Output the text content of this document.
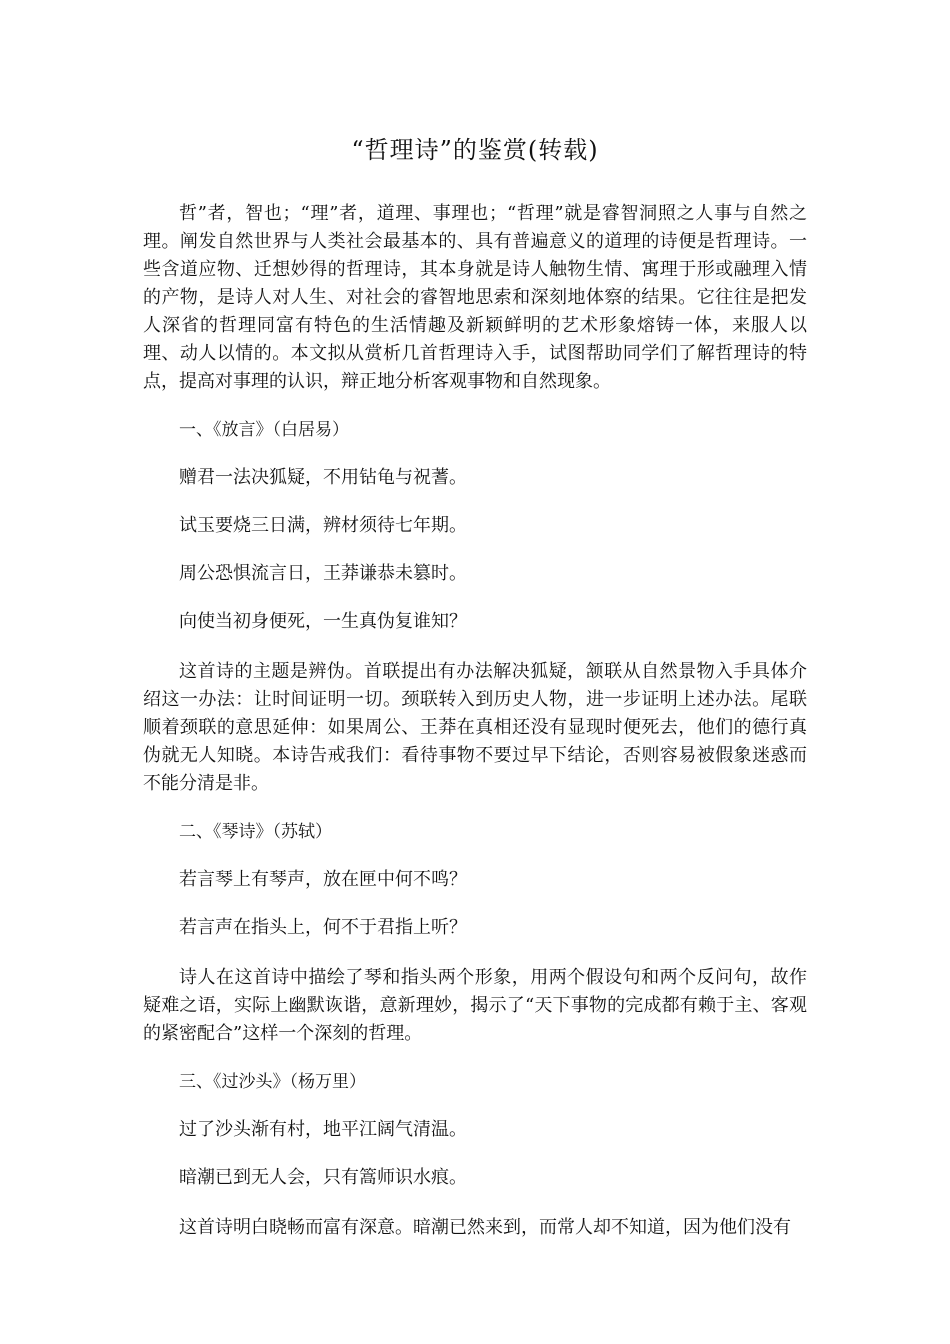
“哲理诗”的鉴赏(转载)

哲”者，智也；“理”者，道理、事理也；“哲理”就是睿智洞照之人事与自然之理。阐发自然世界与人类社会最基本的、具有普遍意义的道理的诗便是哲理诗。一些含道应物、迁想妙得的哲理诗，其本身就是诗人触物生情、寓理于形或融理入情的产物，是诗人对人生、对社会的睿智地思索和深刻地体察的结果。它往往是把发人深省的哲理同富有特色的生活情趣及新颖鲜明的艺术形象熔铸一体，来服人以理、动人以情的。本文拟从赏析几首哲理诗入手，试图帮助同学们了解哲理诗的特点，提高对事理的认识，辩正地分析客观事物和自然现象。

一、《放言》（白居易）
赠君一法决狐疑，不用钻龟与祝蓍。
试玉要烧三日满，辨材须待七年期。
周公恐惧流言日，王莽谦恭未篡时。
向使当初身便死，一生真伪复谁知？

这首诗的主题是辨伪。首联提出有办法解决狐疑，颔联从自然景物入手具体介绍这一办法：让时间证明一切。颈联转入到历史人物，进一步证明上述办法。尾联顺着颈联的意思延伸：如果周公、王莽在真相还没有显现时便死去，他们的德行真伪就无人知晓。本诗告戒我们：看待事物不要过早下结论，否则容易被假象迷惑而不能分清是非。

二、《琴诗》（苏轼）
若言琴上有琴声，放在匣中何不鸣？
若言声在指头上，何不于君指上听？

诗人在这首诗中描绘了琴和指头两个形象，用两个假设句和两个反问句，故作疑难之语，实际上幽默诙谐，意新理妙，揭示了“天下事物的完成都有赖于主、客观的紧密配合”这样一个深刻的哲理。

三、《过沙头》（杨万里）
过了沙头渐有村，地平江阔气清温。
暗潮已到无人会，只有篙师识水痕。

这首诗明白晓畅而富有深意。暗潮已然来到，而常人却不知道，因为他们没有
